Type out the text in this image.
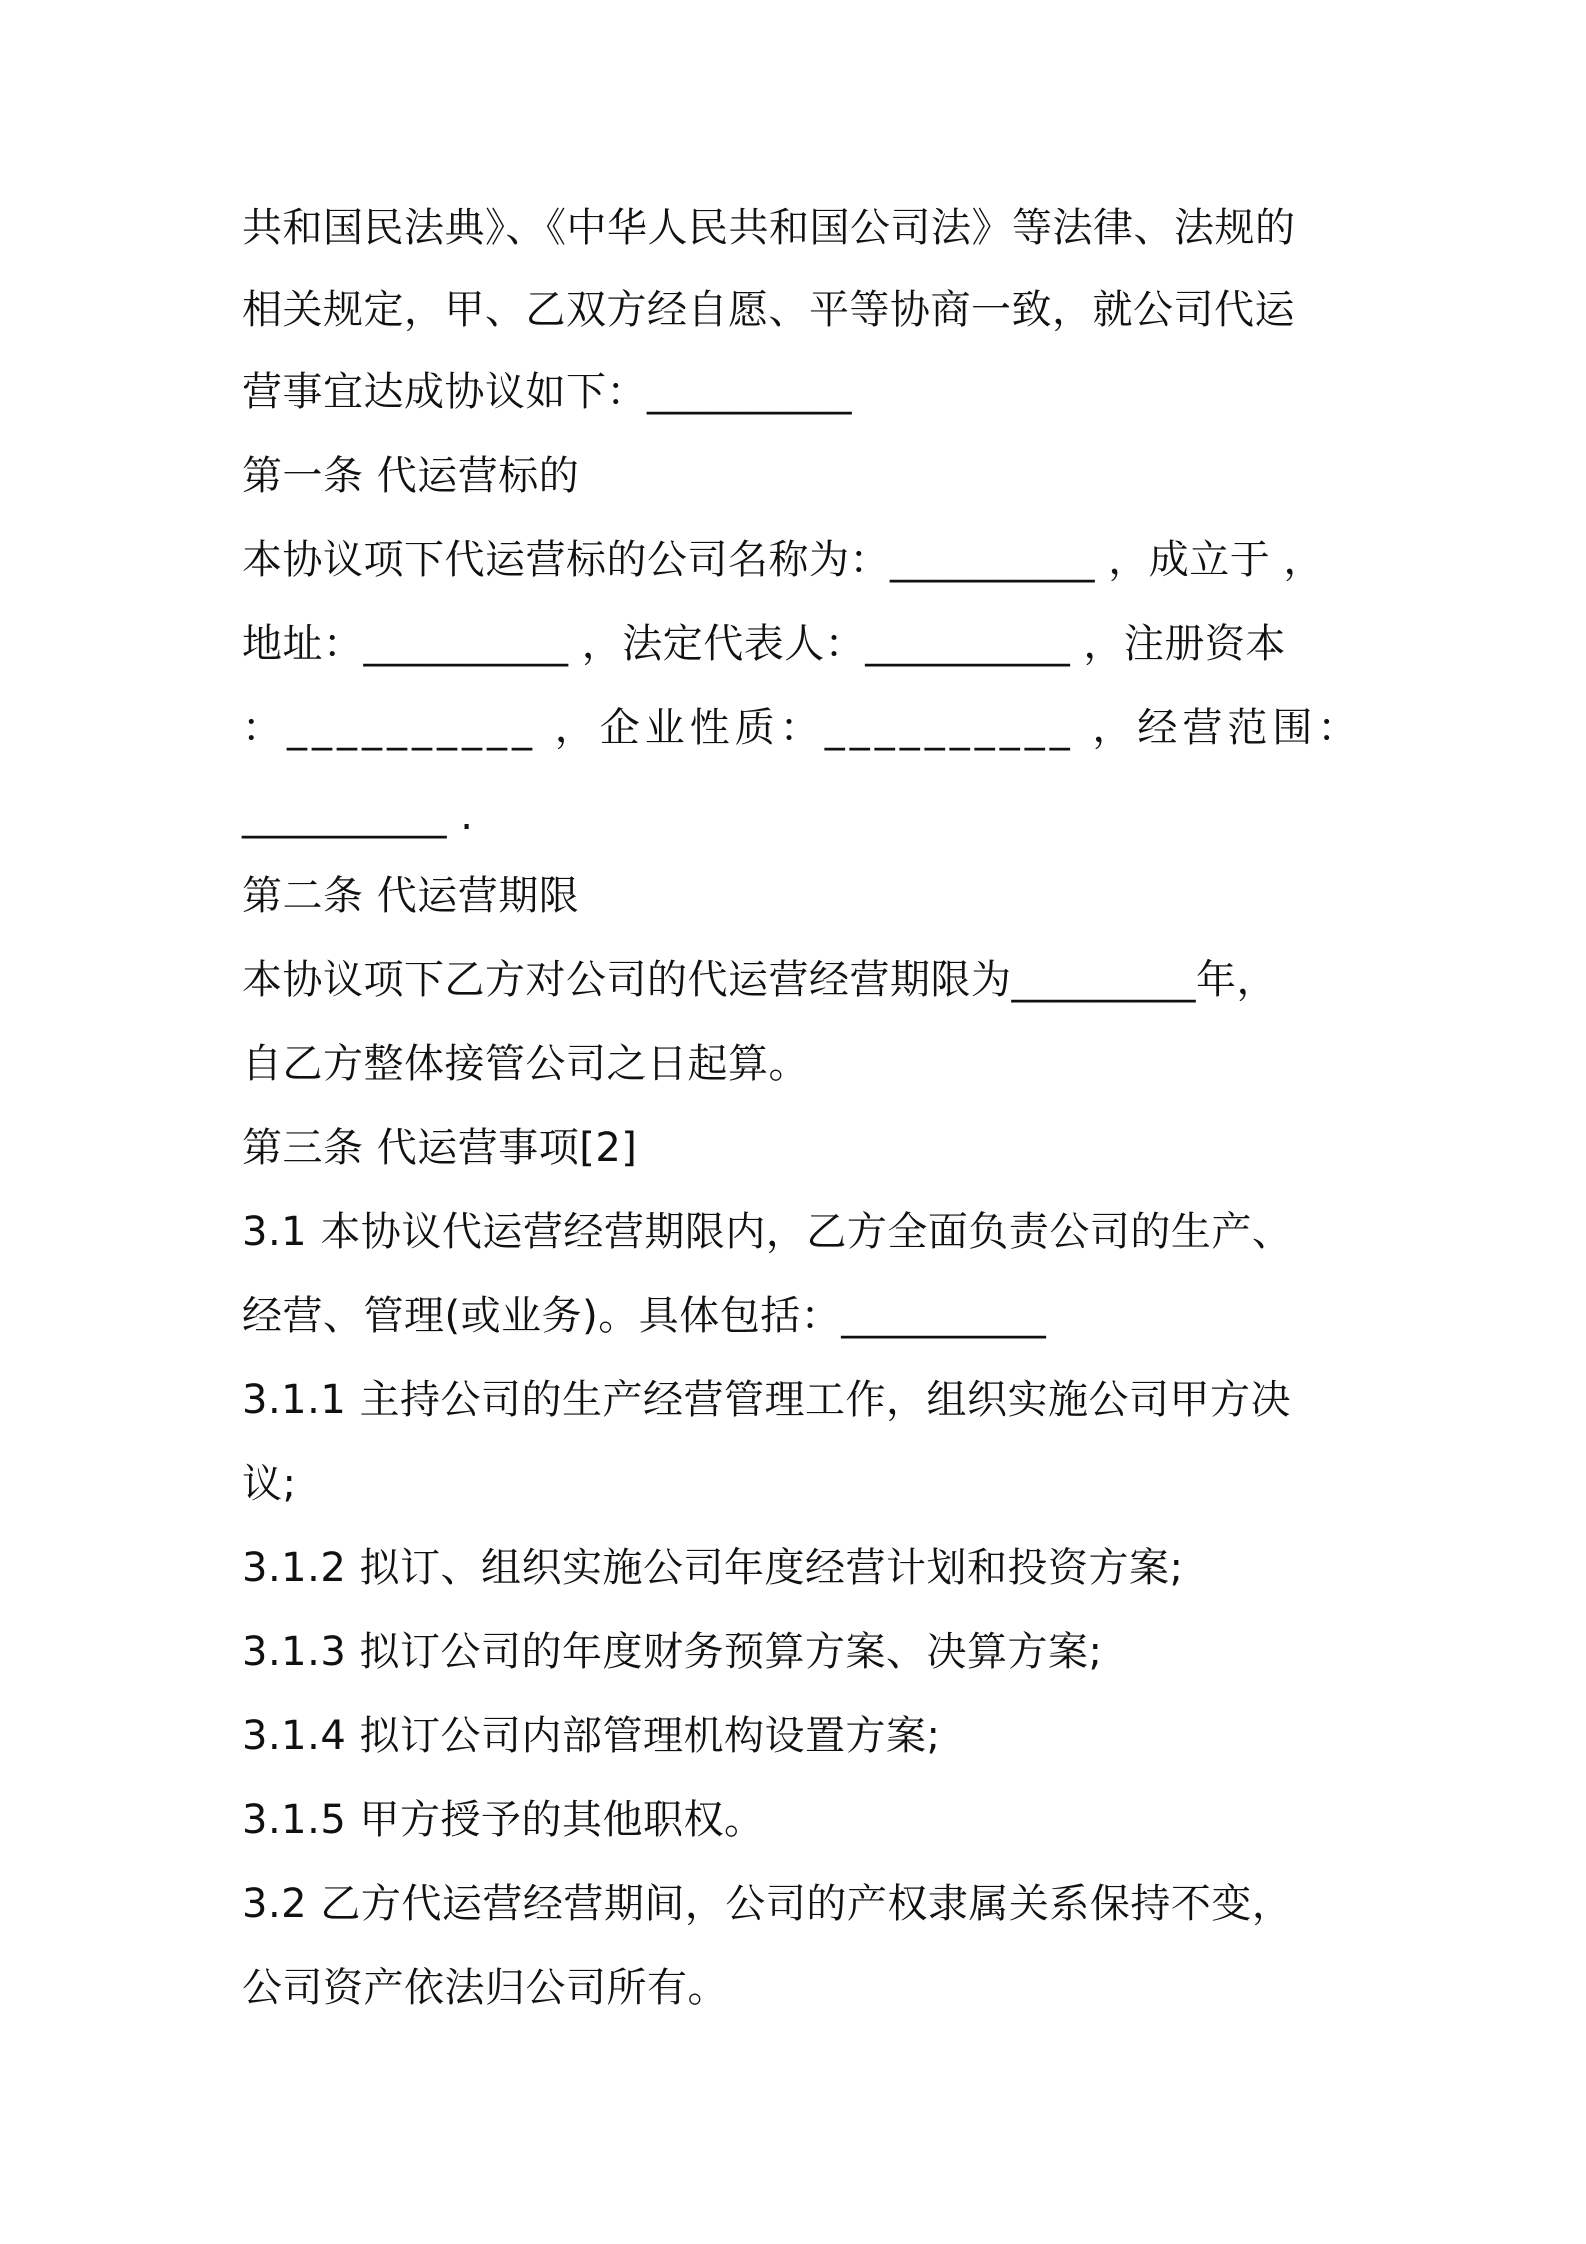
共和国民法典》、《中华人民共和国公司法》等法律、法规的
相关规定，甲、乙双方经自愿、平等协商一致，就公司代运
营事宜达成协议如下：__________
第一条 代运营标的
本协议项下代运营标的公司名称为：__________ ，成立于 ，
地址：__________ ，法定代表人：__________ ，注册资本
：__________ ，企业性质：__________ ，经营范围：
__________ .
第二条 代运营期限
本协议项下乙方对公司的代运营经营期限为_________年，
自乙方整体接管公司之日起算。
第三条 代运营事项[2]
3.1 本协议代运营经营期限内，乙方全面负责公司的生产、
经营、管理(或业务)。具体包括：__________
3.1.1 主持公司的生产经营管理工作，组织实施公司甲方决
议;
3.1.2 拟订、组织实施公司年度经营计划和投资方案;
3.1.3 拟订公司的年度财务预算方案、决算方案;
3.1.4 拟订公司内部管理机构设置方案;
3.1.5 甲方授予的其他职权。
3.2 乙方代运营经营期间，公司的产权隶属关系保持不变，
公司资产依法归公司所有。
